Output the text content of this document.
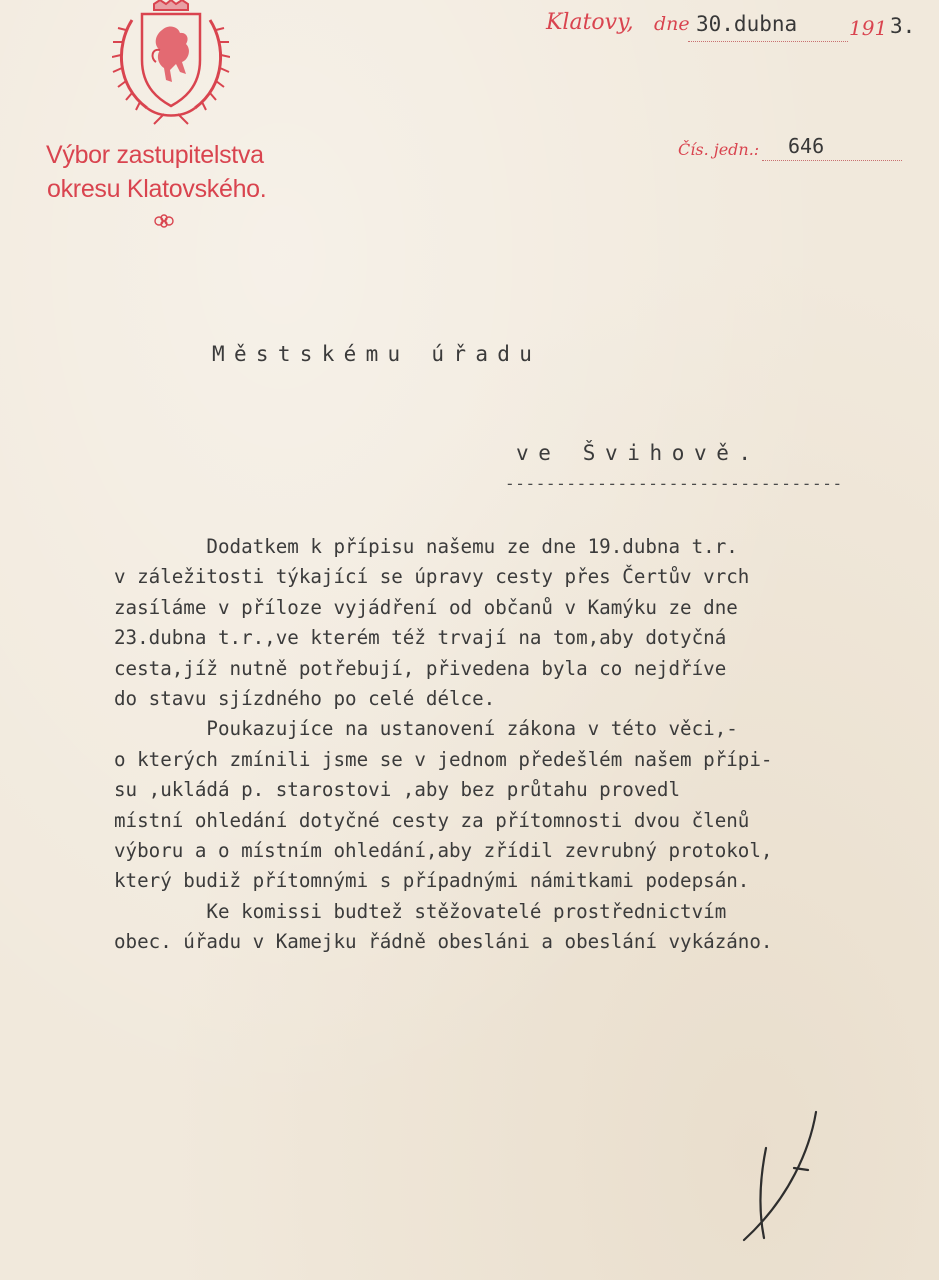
Výbor zastupitelstva
okresu Klatovského.
Klatovy, dne 30.dubna	191 3.
Čís. jedn.: 646
Městskému úřadu
ve Švihově.
---------------------------------
Dodatkem k přípisu našemu ze dne 19.dubna t.r.
v záležitosti týkající se úpravy cesty přes Čertův vrch
zasíláme v příloze vyjádření od občanů v Kamýku ze dne
23.dubna t.r.,ve kterém též trvají na tom,aby dotyčná
cesta,jíž nutně potřebují, přivedena byla co nejdříve
do stavu sjízdného po celé délce.
Poukazujíce na ustanovení zákona v této věci,-
o kterých zmínili jsme se v jednom předešlém našem přípi-
su ,ukládá p. starostovi ,aby bez průtahu provedl
místní ohledání dotyčné cesty za přítomnosti dvou členů
výboru a o místním ohledání,aby zřídil zevrubný protokol,
který budiž přítomnými s případnými námitkami podepsán.
Ke komissi budtež stěžovatelé prostřednictvím
obec. úřadu v Kamejku řádně obesláni a obeslání vykázáno.
